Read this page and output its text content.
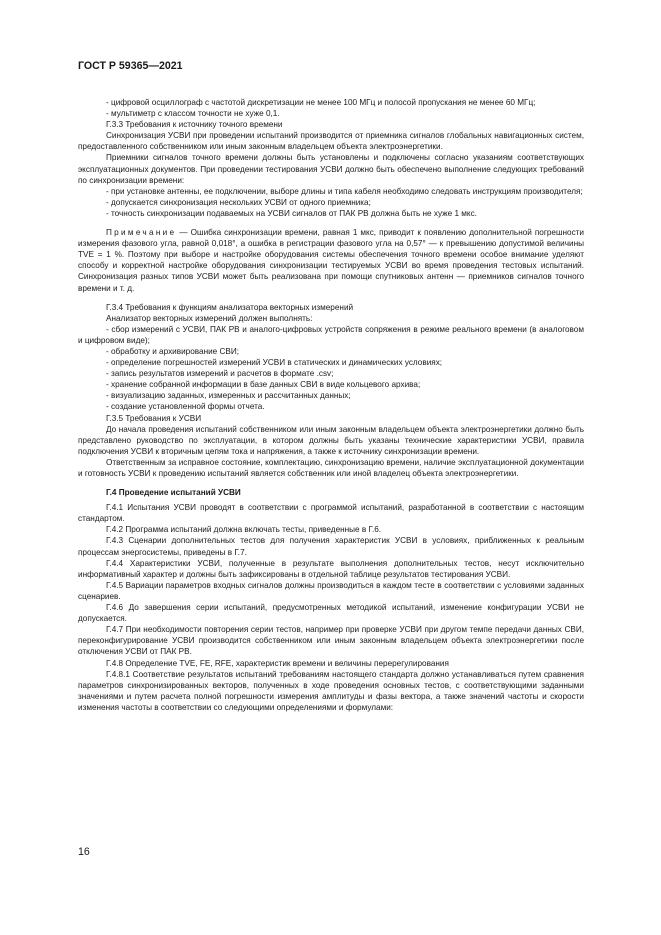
ГОСТ Р 59365—2021

- цифровой осциллограф с частотой дискретизации не менее 100 МГц и полосой пропускания не менее 60 МГц;

- мультиметр с классом точности не хуже 0,1.

Г.3.3 Требования к источнику точного времени

Синхронизация УСВИ при проведении испытаний производится от приемника сигналов глобальных навигационных систем, предоставленного собственником или иным законным владельцем объекта электроэнергетики.

Приемники сигналов точного времени должны быть установлены и подключены согласно указаниям соответствующих эксплуатационных документов. При проведении тестирования УСВИ должно быть обеспечено выполнение следующих требований по синхронизации времени:

- при установке антенны, ее подключении, выборе длины и типа кабеля необходимо следовать инструкциям производителя;

- допускается синхронизация нескольких УСВИ от одного приемника;

- точность синхронизации подаваемых на УСВИ сигналов от ПАК РВ должна быть не хуже 1 мкс.

Примечание — Ошибка синхронизации времени, равная 1 мкс, приводит к появлению дополнительной погрешности измерения фазового угла, равной 0,018°, а ошибка в регистрации фазового угла на 0,57° — к превышению допустимой величины TVE = 1 %. Поэтому при выборе и настройке оборудования системы обеспечения точного времени особое внимание уделяют способу и корректной настройке оборудования синхронизации тестируемых УСВИ во время проведения тестовых испытаний. Синхронизация разных типов УСВИ может быть реализована при помощи спутниковых антенн — приемников сигналов точного времени и т. д.

Г.3.4 Требования к функциям анализатора векторных измерений

Анализатор векторных измерений должен выполнять:

- сбор измерений с УСВИ, ПАК РВ и аналого-цифровых устройств сопряжения в режиме реального времени (в аналоговом и цифровом виде);

- обработку и архивирование СВИ;

- определение погрешностей измерений УСВИ в статических и динамических условиях;

- запись результатов измерений и расчетов в формате .csv;

- хранение собранной информации в базе данных СВИ в виде кольцевого архива;

- визуализацию заданных, измеренных и рассчитанных данных;

- создание установленной формы отчета.

Г.3.5 Требования к УСВИ

До начала проведения испытаний собственником или иным законным владельцем объекта электроэнергетики должно быть представлено руководство по эксплуатации, в котором должны быть указаны технические характеристики УСВИ, правила подключения УСВИ к вторичным цепям тока и напряжения, а также к источнику синхронизации времени.

Ответственным за исправное состояние, комплектацию, синхронизацию времени, наличие эксплуатационной документации и готовность УСВИ к проведению испытаний является собственник или иной владелец объекта электроэнергетики.

Г.4 Проведение испытаний УСВИ

Г.4.1 Испытания УСВИ проводят в соответствии с программой испытаний, разработанной в соответствии с настоящим стандартом.

Г.4.2 Программа испытаний должна включать тесты, приведенные в Г.6.

Г.4.3 Сценарии дополнительных тестов для получения характеристик УСВИ в условиях, приближенных к реальным процессам энергосистемы, приведены в Г.7.

Г.4.4 Характеристики УСВИ, полученные в результате выполнения дополнительных тестов, несут исключительно информативный характер и должны быть зафиксированы в отдельной таблице результатов тестирования УСВИ.

Г.4.5 Вариации параметров входных сигналов должны производиться в каждом тесте в соответствии с условиями заданных сценариев.

Г.4.6 До завершения серии испытаний, предусмотренных методикой испытаний, изменение конфигурации УСВИ не допускается.

Г.4.7 При необходимости повторения серии тестов, например при проверке УСВИ при другом темпе передачи данных СВИ, переконфигурирование УСВИ производится собственником или иным законным владельцем объекта электроэнергетики после отключения УСВИ от ПАК РВ.

Г.4.8 Определение TVE, FE, RFE, характеристик времени и величины перерегулирования

Г.4.8.1 Соответствие результатов испытаний требованиям настоящего стандарта должно устанавливаться путем сравнения параметров синхронизированных векторов, полученных в ходе проведения основных тестов, с соответствующими заданными значениями и путем расчета полной погрешности измерения амплитуды и фазы вектора, а также значений частоты и скорости изменения частоты в соответствии со следующими определениями и формулами:

16
